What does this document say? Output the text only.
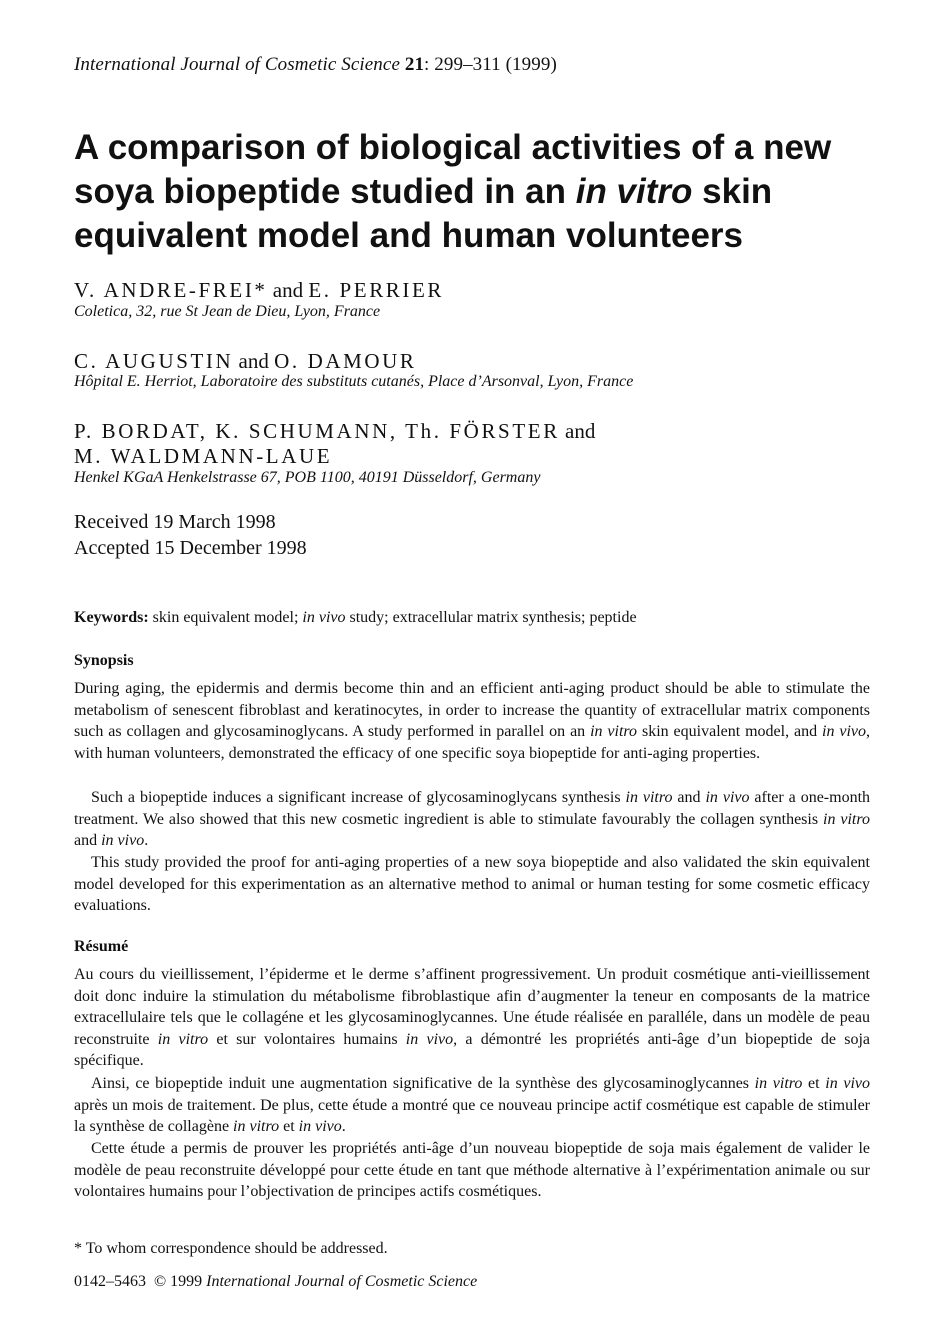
International Journal of Cosmetic Science 21: 299–311 (1999)
A comparison of biological activities of a new soya biopeptide studied in an in vitro skin equivalent model and human volunteers
V. ANDRE-FREI* and E. PERRIER
Coletica, 32, rue St Jean de Dieu, Lyon, France
C. AUGUSTIN and O. DAMOUR
Hôpital E. Herriot, Laboratoire des substituts cutanés, Place d’Arsonval, Lyon, France
P. BORDAT, K. SCHUMANN, Th. FÖRSTER and
M. WALDMANN-LAUE
Henkel KGaA Henkelstrasse 67, POB 1100, 40191 Düsseldorf, Germany
Received 19 March 1998
Accepted 15 December 1998
Keywords: skin equivalent model; in vivo study; extracellular matrix synthesis; peptide
Synopsis

During aging, the epidermis and dermis become thin and an efficient anti-aging product should be able to stimulate the metabolism of senescent fibroblast and keratinocytes, in order to increase the quantity of extracellular matrix components such as collagen and glycosaminoglycans. A study performed in parallel on an in vitro skin equivalent model, and in vivo, with human volunteers, demonstrated the efficacy of one specific soya biopeptide for anti-aging properties.

Such a biopeptide induces a significant increase of glycosaminoglycans synthesis in vitro and in vivo after a one-month treatment. We also showed that this new cosmetic ingredient is able to stimulate favourably the collagen synthesis in vitro and in vivo.

This study provided the proof for anti-aging properties of a new soya biopeptide and also validated the skin equivalent model developed for this experimentation as an alternative method to animal or human testing for some cosmetic efficacy evaluations.

Résumé

Au cours du vieillissement, l’épiderme et le derme s’affinent progressivement. Un produit cosmétique anti-vieillissement doit donc induire la stimulation du métabolisme fibroblastique afin d’augmenter la teneur en composants de la matrice extracellulaire tels que le collagéne et les glycosaminoglycannes. Une étude réalisée en paralléle, dans un modèle de peau reconstruite in vitro et sur volontaires humains in vivo, a démontré les propriétés anti-âge d’un biopeptide de soja spécifique.

Ainsi, ce biopeptide induit une augmentation significative de la synthèse des glycosaminoglycannes in vitro et in vivo après un mois de traitement. De plus, cette étude a montré que ce nouveau principe actif cosmétique est capable de stimuler la synthèse de collagène in vitro et in vivo.

Cette étude a permis de prouver les propriétés anti-âge d’un nouveau biopeptide de soja mais également de valider le modèle de peau reconstruite développé pour cette étude en tant que méthode alternative à l’expérimentation animale ou sur volontaires humains pour l’objectivation de principes actifs cosmétiques.

* To whom correspondence should be addressed.
0142–5463 © 1999 International Journal of Cosmetic Science
